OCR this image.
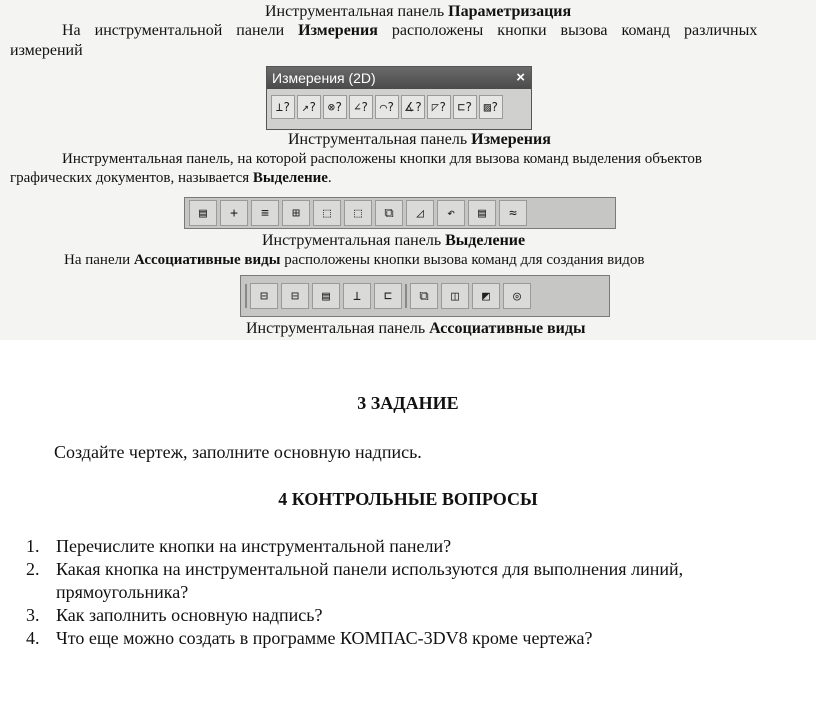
Инструментальная панель Параметризация
На инструментальной панели Измерения расположены кнопки вызова команд различных
измерений
Измерения (2D)	×
⊥? ↗? ⊗? ∠? ⌒? ∡? ◸? ⊏? ▨?
Инструментальная панель Измерения
Инструментальная панель, на которой расположены кнопки для вызова команд выделения объектов
графических документов, называется Выделение.
▤	+	≡	⊞	⬚	⬚	⧉	◿	↶	▤	≈
Инструментальная панель Выделение
На панели Ассоциативные виды расположены кнопки вызова команд для создания видов
⊟	⊟	▤	⊥	⊏	⧉	◫	◩	◎
Инструментальная панель Ассоциативные виды
3 ЗАДАНИЕ
Создайте чертеж, заполните основную надпись.
4 КОНТРОЛЬНЫЕ ВОПРОСЫ
1. Перечислите кнопки на инструментальной панели?
2. Какая кнопка на инструментальной панели используются для выполнения линий,
прямоугольника?
3. Как заполнить основную надпись?
4. Что еще можно создать в программе КОМПАС-3DV8 кроме чертежа?
